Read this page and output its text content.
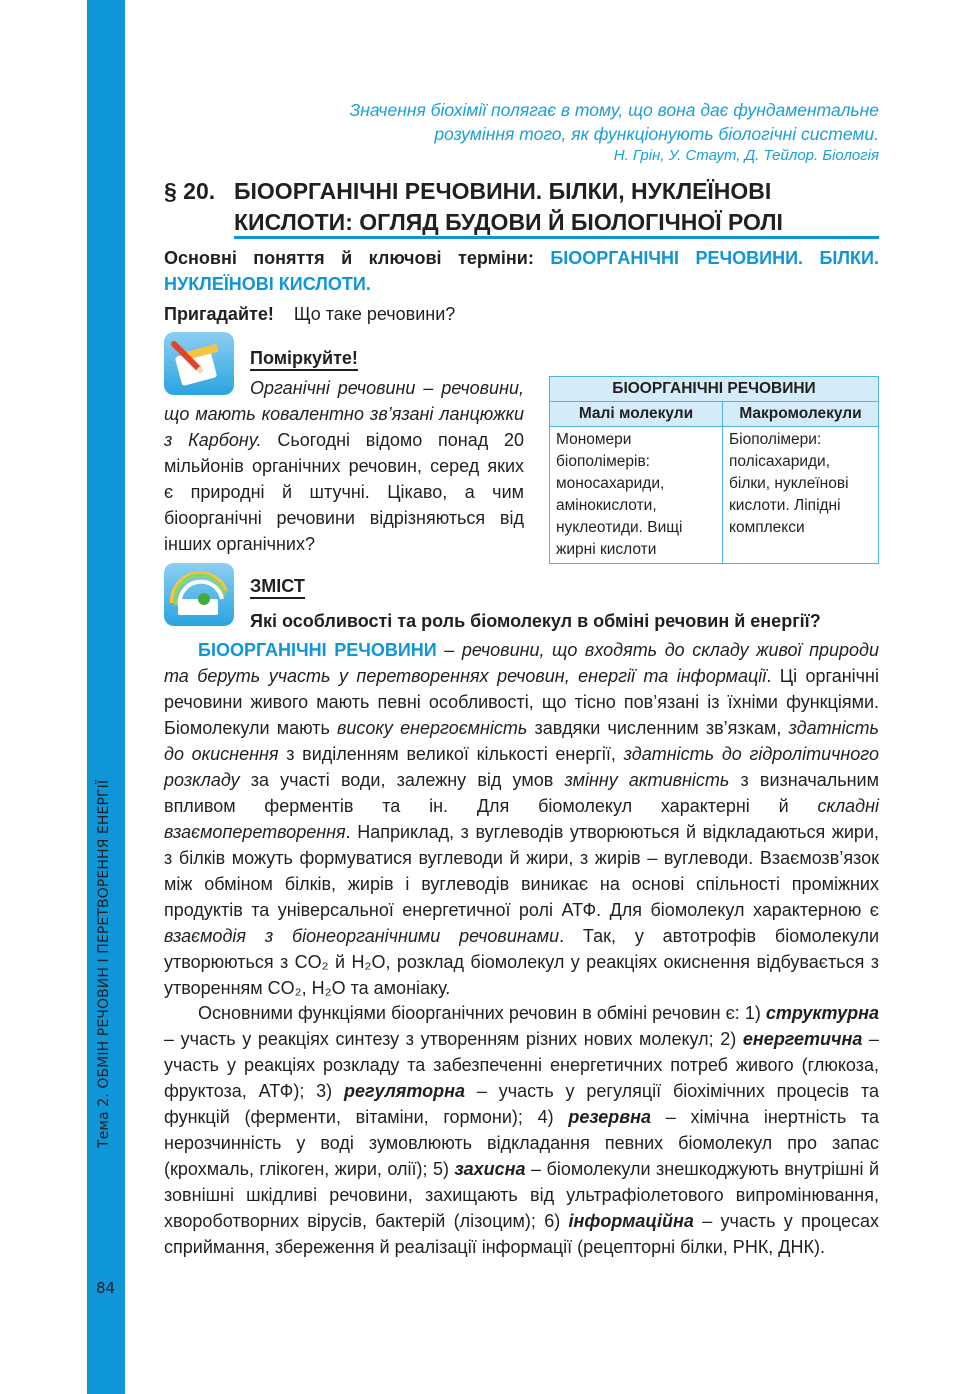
Тема 2. ОБМІН РЕЧОВИН І ПЕРЕТВОРЕННЯ ЕНЕРГІЇ
84
Значення біохімії полягає в тому, що вона дає фундаментальне
розуміння того, як функціонують біологічні системи.
Н. Грін, У. Стаут, Д. Тейлор. Біологія
§ 20. БІООРГАНІЧНІ РЕЧОВИНИ. БІЛКИ, НУКЛЕЇНОВІ
КИСЛОТИ: ОГЛЯД БУДОВИ Й БІОЛОГІЧНОЇ РОЛІ
Основні поняття й ключові терміни: БІООРГАНІЧНІ РЕЧОВИНИ. БІЛКИ. НУКЛЕЇНОВІ КИСЛОТИ.
Пригадайте! Що таке речовини?
Поміркуйте!
Органічні речовини – речовини, що мають ковалентно зв’язані ланцюжки з Карбону. Сьогодні відомо понад 20 мільйонів органічних речовин, серед яких є природні й штучні. Цікаво, а чим біоорганічні речовини відрізняються від інших органічних?
БІООРГАНІЧНІ РЕЧОВИНИ	
Малі молекули	Макромолекули
Мономери біополімерів: моносахариди, амінокислоти, нуклеотиди. Вищі жирні кислоти	Біополімери: полісахариди, білки, нуклеїнові кислоти. Ліпідні комплекси
ЗМІСТ
Які особливості та роль біомолекул в обміні речовин й енергії?
БІООРГАНІЧНІ РЕЧОВИНИ – речовини, що входять до складу живої природи та беруть участь у перетвореннях речовин, енергії та інформації. Ці органічні речовини живого мають певні особливості, що тісно пов’язані із їхніми функціями. Біомолекули мають високу енергоємність завдяки численним зв’язкам, здатність до окиснення з виділенням великої кількості енергії, здатність до гідролітичного розкладу за участі води, залежну від умов змінну активність з визначальним впливом ферментів та ін. Для біомолекул характерні й складні взаємоперетворення. Наприклад, з вуглеводів утворюються й відкладаються жири, з білків можуть формуватися вуглеводи й жири, з жирів – вуглеводи. Взаємозв’язок між обміном білків, жирів і вуглеводів виникає на основі спільності проміжних продуктів та універсальної енергетичної ролі АТФ. Для біомолекул характерною є взаємодія з біонеорганічними речовинами. Так, у автотрофів біомолекули утворюються з CO₂ й H₂O, розклад біомолекул у реакціях окиснення відбувається з утворенням CO₂, H₂O та амоніаку.
Основними функціями біоорганічних речовин в обміні речовин є: 1) структурна – участь у реакціях синтезу з утворенням різних нових молекул; 2) енергетична – участь у реакціях розкладу та забезпеченні енергетичних потреб живого (глюкоза, фруктоза, АТФ); 3) регуляторна – участь у регуляції біохімічних процесів та функцій (ферменти, вітаміни, гормони); 4) резервна – хімічна інертність та нерозчинність у воді зумовлюють відкладання певних біомолекул про запас (крохмаль, глікоген, жири, олії); 5) захисна – біомолекули знешкоджують внутрішні й зовнішні шкідливі речовини, захищають від ультрафіолетового випромінювання, хвороботворних вірусів, бактерій (лізоцим); 6) інформаційна – участь у процесах сприймання, збереження й реалізації інформації (рецепторні білки, РНК, ДНК).
